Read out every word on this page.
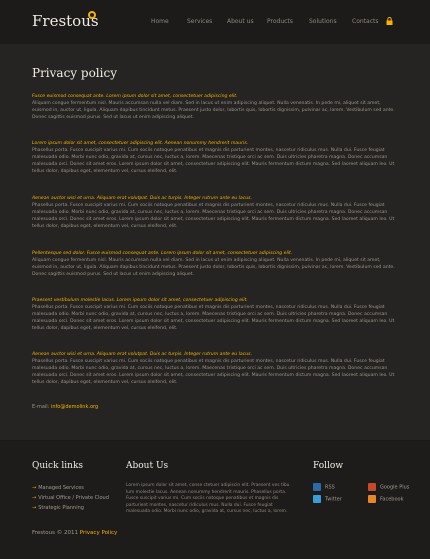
Frestous	Home	Services About us Products	Solutions	Contacts
Privacy policy
Fusce euismod consequat ante. Lorem ipsum dolor sit amet, consectetuer adipiscing elit.
Aliquam congue fermentum nisl. Mauris accumsan nulla vel diam. Sed in lacus ut enim adipiscing aliquet. Nulla venenatis. In pede mi, aliquet sit amet, euismod in, auctor ut, ligula. Aliquam dapibus tincidunt metus. Praesent justo dolor, lobortis quis, lobortis dignissim, pulvinar ac, lorem. Vestibulum sed ante. Donec sagittis euismod purus. Sed ut lacus ut enim adipiscing aliquet.
Lorem ipsum dolor sit amet, consectetuer adipiscing elit. Aenean nonummy hendrerit mauris.
Phasellus porta. Fusce suscipit varius mi. Cum sociis natoque penatibus et magnis dis parturient montes, nascetur ridiculus mus. Nulla dui. Fusce feugiat malesuada odio. Morbi nunc odio, gravida at, cursus nec, luctus a, lorem. Maecenas tristique orci ac sem. Duis ultricies pharetra magna. Donec accumsan malesuada orci. Donec sit amet eros. Lorem ipsum dolor sit amet, consectetuer adipiscing elit. Mauris fermentum dictum magna. Sed laoreet aliquam leo. Ut tellus dolor, dapibus eget, elementum vel, cursus eleifend, elit.
Aenean auctor wisi et urna. Aliquam erat volutpat. Duis ac turpis. Integer rutrum ante eu lacus.
Phasellus porta. Fusce suscipit varius mi. Cum sociis natoque penatibus et magnis dis parturient montes, nascetur ridiculus mus. Nulla dui. Fusce feugiat malesuada odio. Morbi nunc odio, gravida at, cursus nec, luctus a, lorem. Maecenas tristique orci ac sem. Duis ultricies pharetra magna. Donec accumsan malesuada orci. Donec sit amet eros. Lorem ipsum dolor sit amet, consectetuer adipiscing elit. Mauris fermentum dictum magna. Sed laoreet aliquam leo. Ut tellus dolor, dapibus eget, elementum vel, cursus eleifend, elit.
Pellentesque sed dolor. Fusce euismod consequat ante. Lorem ipsum dolor sit amet, consectetuer adipiscing elit.
Aliquam congue fermentum nisl. Mauris accumsan nulla vel diam. Sed in lacus ut enim adipiscing aliquet. Nulla venenatis. In pede mi, aliquet sit amet, euismod in, auctor ut, ligula. Aliquam dapibus tincidunt metus. Praesent justo dolor, lobortis quis, lobortis dignissim, pulvinar ac, lorem. Vestibulum sed ante. Donec sagittis euismod purus. Sed ut lacus ut enim adipiscing aliquet.
Praesent vestibulum molestie lacus. Lorem ipsum dolor sit amet, consectetuer adipiscing elit.
Phasellus porta. Fusce suscipit varius mi. Cum sociis natoque penatibus et magnis dis parturient montes, nascetur ridiculus mus. Nulla dui. Fusce feugiat malesuada odio. Morbi nunc odio, gravida at, cursus nec, luctus a, lorem. Maecenas tristique orci ac sem. Duis ultricies pharetra magna. Donec accumsan malesuada orci. Donec sit amet eros. Lorem ipsum dolor sit amet, consectetuer adipiscing elit. Mauris fermentum dictum magna. Sed laoreet aliquam leo. Ut tellus dolor, dapibus eget, elementum vel, cursus eleifend, elit.
Aenean auctor wisi et urna. Aliquam erat volutpat. Duis ac turpis. Integer rutrum ante eu lacus.
Phasellus porta. Fusce suscipit varius mi. Cum sociis natoque penatibus et magnis dis parturient montes, nascetur ridiculus mus. Nulla dui. Fusce feugiat malesuada odio. Morbi nunc odio, gravida at, cursus nec, luctus a, lorem. Maecenas tristique orci ac sem. Duis ultricies pharetra magna. Donec accumsan malesuada orci. Donec sit amet eros. Lorem ipsum dolor sit amet, consectetuer adipiscing elit. Mauris fermentum dictum magna. Sed laoreet aliquam leo. Ut tellus dolor, dapibus eget, elementum vel, cursus eleifend, elit.
E-mail: info@demolink.org
Quick links
→ Managed Services
→ Virtual Office / Private Cloud
→ Strategic Planning
About Us
Lorem ipsum dolor sit amet, conse ctetuer adipiscin elit. Praesent ves tibu lum molestie lacus. Aenean nonummy hendrerit mauris. Phasellus porta. Fusce suscipit varius mi. Cum sociis natoque penatibus et magnis dis parturient montes, nascetur ridiculus mus. Nulla dui. Fusce feugiat malesuada odio. Morbi nunc odio, gravida at, cursus nec, luctus a, lorem.
Follow
RSS	Google Plus
Twitter	Facebook
Frestous © 2011 Privacy Policy
